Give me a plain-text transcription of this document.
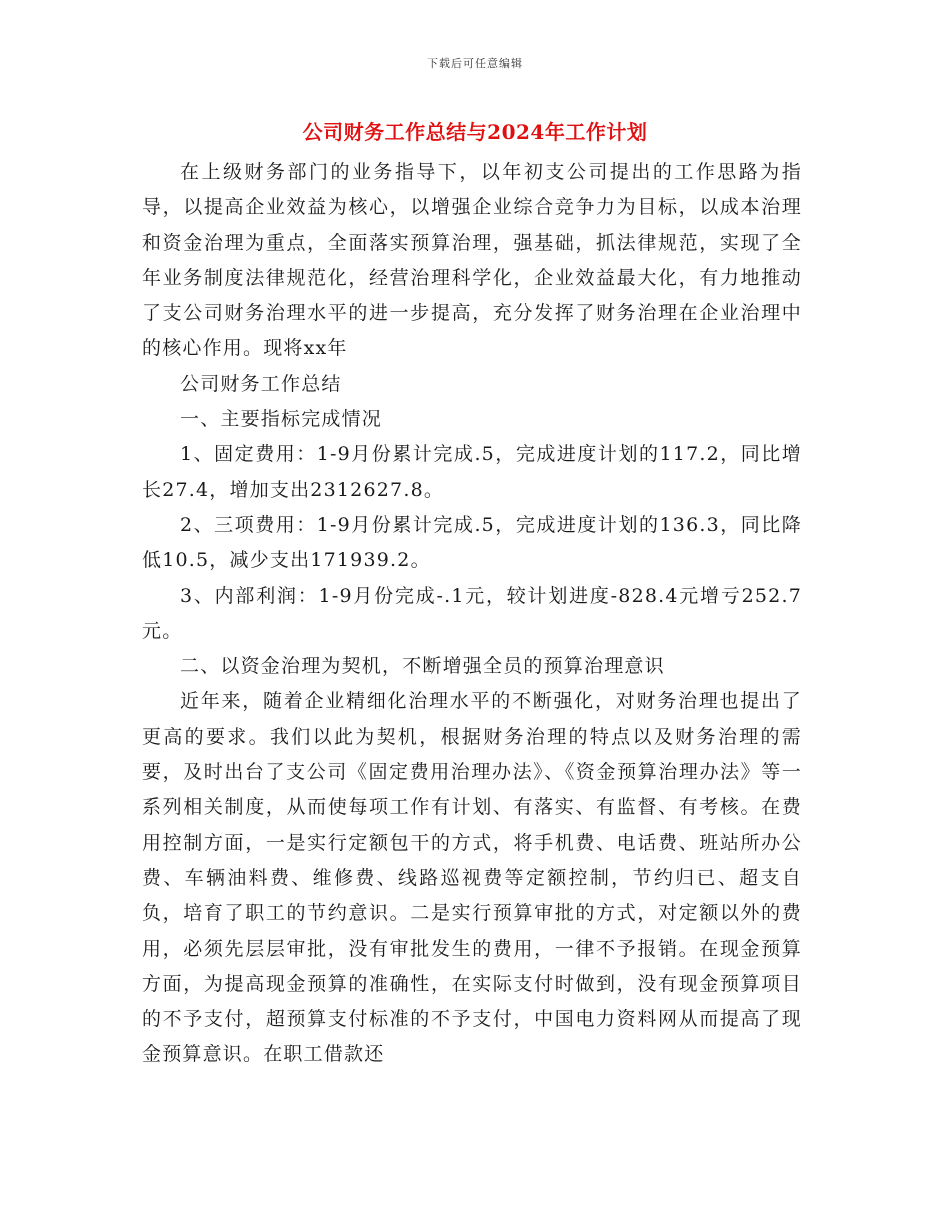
下载后可任意编辑
公司财务工作总结与2024年工作计划

在上级财务部门的业务指导下，以年初支公司提出的工作思路为指导，以提高企业效益为核心，以增强企业综合竞争力为目标，以成本治理和资金治理为重点，全面落实预算治理，强基础，抓法律规范，实现了全年业务制度法律规范化，经营治理科学化，企业效益最大化，有力地推动了支公司财务治理水平的进一步提高，充分发挥了财务治理在企业治理中的核心作用。现将xx年

公司财务工作总结

一、主要指标完成情况

1、固定费用：1-9月份累计完成.5，完成进度计划的117.2，同比增长27.4，增加支出2312627.8。

2、三项费用：1-9月份累计完成.5，完成进度计划的136.3，同比降低10.5，减少支出171939.2。

3、内部利润：1-9月份完成-.1元，较计划进度-828.4元增亏252.7元。

二、以资金治理为契机，不断增强全员的预算治理意识

近年来，随着企业精细化治理水平的不断强化，对财务治理也提出了更高的要求。我们以此为契机，根据财务治理的特点以及财务治理的需要，及时出台了支公司《固定费用治理办法》、《资金预算治理办法》等一系列相关制度，从而使每项工作有计划、有落实、有监督、有考核。在费用控制方面，一是实行定额包干的方式，将手机费、电话费、班站所办公费、车辆油料费、维修费、线路巡视费等定额控制，节约归已、超支自负，培育了职工的节约意识。二是实行预算审批的方式，对定额以外的费用，必须先层层审批，没有审批发生的费用，一律不予报销。在现金预算方面，为提高现金预算的准确性，在实际支付时做到，没有现金预算项目的不予支付，超预算支付标准的不予支付，中国电力资料网从而提高了现金预算意识。在职工借款还
